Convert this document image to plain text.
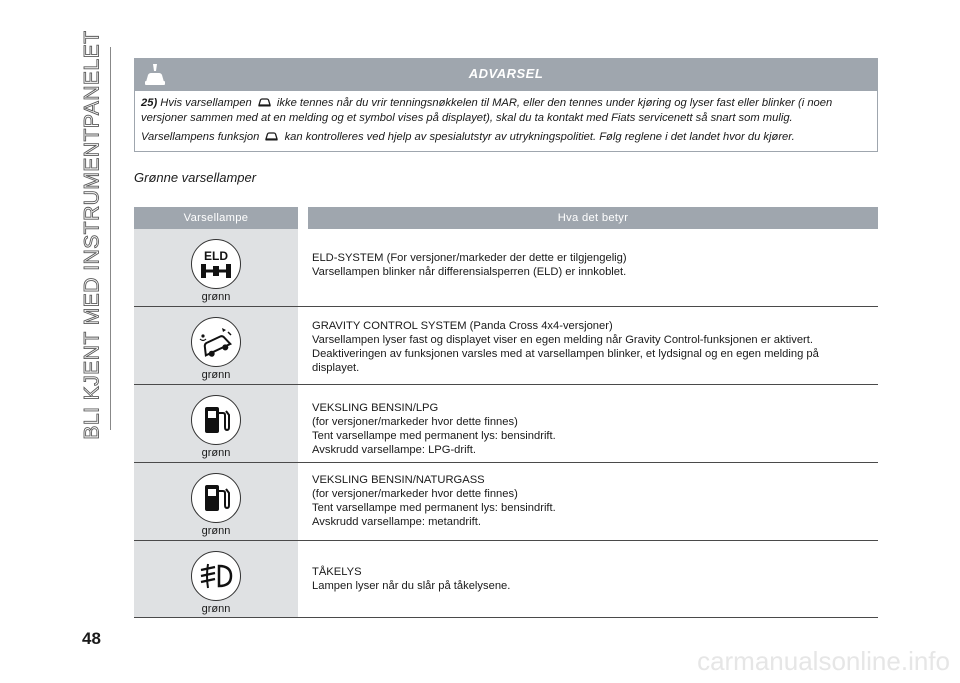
BLI KJENT MED INSTRUMENTPANELET	ADVARSEL

25) Hvis varsellampen ikke tennes når du vrir tenningsnøkkelen til MAR, eller den tennes under kjøring og lyser fast eller blinker (i noen versjoner sammen med at en melding og et symbol vises på displayet), skal du ta kontakt med Fiats servicenett så snart som mulig.

Varsellampens funksjon kan kontrolleres ved hjelp av spesialutstyr av utrykningspolitiet. Følg reglene i det landet hvor du kjører.

Grønne varsellamper
Varsellampe		Hva det betyr

ELD
grønn		ELD-SYSTEM (For versjoner/markeder der dette er tilgjengelig)
Varsellampen blinker når differensialsperren (ELD) er innkoblet.

grønn		GRAVITY CONTROL SYSTEM (Panda Cross 4x4-versjoner)
Varsellampen lyser fast og displayet viser en egen melding når Gravity Control-funksjonen er aktivert.
Deaktiveringen av funksjonen varsles med at varsellampen blinker, et lydsignal og en egen melding på
displayet.

grønn		VEKSLING BENSIN/LPG
(for versjoner/markeder hvor dette finnes)
Tent varsellampe med permanent lys: bensindrift.
Avskrudd varsellampe: LPG-drift.

grønn		VEKSLING BENSIN/NATURGASS
(for versjoner/markeder hvor dette finnes)
Tent varsellampe med permanent lys: bensindrift.
Avskrudd varsellampe: metandrift.

grønn		TÅKELYS
Lampen lyser når du slår på tåkelysene.
48
carmanualsonline.info
